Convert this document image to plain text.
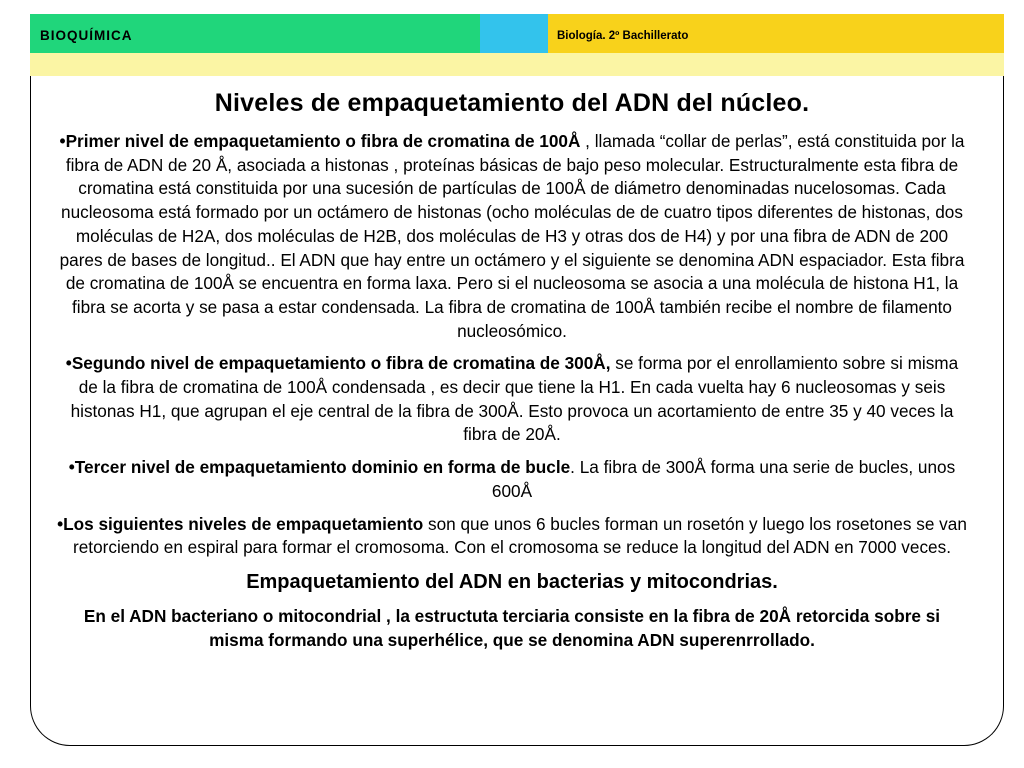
BIOQUÍMICA	Biología. 2º Bachillerato
Niveles de empaquetamiento del ADN del núcleo.

•Primer nivel de empaquetamiento o fibra de cromatina de 100Å , llamada “collar de perlas”, está constituida por la fibra de ADN de 20 Å, asociada a histonas , proteínas básicas de bajo peso molecular. Estructuralmente esta fibra de cromatina está constituida por una sucesión de partículas de 100Å de diámetro denominadas nucelosomas. Cada nucleosoma está formado por un octámero de histonas (ocho moléculas de de cuatro tipos diferentes de histonas, dos moléculas de H2A, dos moléculas de H2B, dos moléculas de H3 y otras dos de H4) y por una fibra de ADN de 200 pares de bases de longitud.. El ADN que hay entre un octámero y el siguiente se denomina ADN espaciador. Esta fibra de cromatina de 100Å se encuentra en forma laxa. Pero si el nucleosoma se asocia a una molécula de histona H1, la fibra se acorta y se pasa a estar condensada. La fibra de cromatina de 100Å también recibe el nombre de filamento nucleosómico.

•Segundo nivel de empaquetamiento o fibra de cromatina de 300Å, se forma por el enrollamiento sobre si misma de la fibra de cromatina de 100Å condensada , es decir que tiene la H1. En cada vuelta hay 6 nucleosomas y seis histonas H1, que agrupan el eje central de la fibra de 300Å. Esto provoca un acortamiento de entre 35 y 40 veces la fibra de 20Å.

•Tercer nivel de empaquetamiento dominio en forma de bucle. La fibra de 300Å forma una serie de bucles, unos 600Å

•Los siguientes niveles de empaquetamiento son que unos 6 bucles forman un rosetón y luego los rosetones se van retorciendo en espiral para formar el cromosoma. Con el cromosoma se reduce la longitud del ADN en 7000 veces.

Empaquetamiento del ADN en bacterias y mitocondrias.

En el ADN bacteriano o mitocondrial , la estructuta terciaria consiste en la fibra de 20Å retorcida sobre si misma formando una superhélice, que se denomina ADN superenrrollado.
